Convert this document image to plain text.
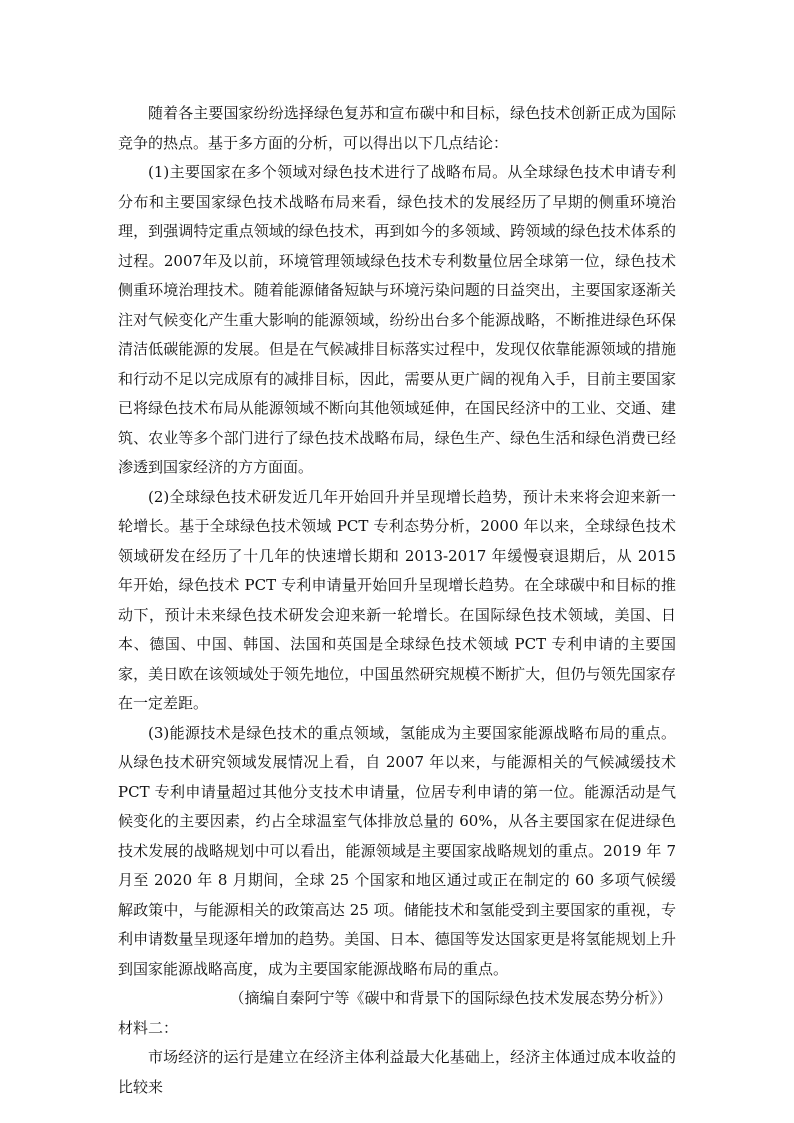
随着各主要国家纷纷选择绿色复苏和宣布碳中和目标，绿色技术创新正成为国际竞争的热点。基于多方面的分析，可以得出以下几点结论：

(1)主要国家在多个领域对绿色技术进行了战略布局。从全球绿色技术申请专利分布和主要国家绿色技术战略布局来看，绿色技术的发展经历了早期的侧重环境治理，到强调特定重点领域的绿色技术，再到如今的多领域、跨领域的绿色技术体系的过程。2007年及以前，环境管理领域绿色技术专利数量位居全球第一位，绿色技术侧重环境治理技术。随着能源储备短缺与环境污染问题的日益突出，主要国家逐渐关注对气候变化产生重大影响的能源领域，纷纷出台多个能源战略，不断推进绿色环保清洁低碳能源的发展。但是在气候减排目标落实过程中，发现仅依靠能源领域的措施和行动不足以完成原有的减排目标，因此，需要从更广阔的视角入手，目前主要国家已将绿色技术布局从能源领域不断向其他领域延伸，在国民经济中的工业、交通、建筑、农业等多个部门进行了绿色技术战略布局，绿色生产、绿色生活和绿色消费已经渗透到国家经济的方方面面。

(2)全球绿色技术研发近几年开始回升并呈现增长趋势，预计未来将会迎来新一轮增长。基于全球绿色技术领域 PCT 专利态势分析，2000 年以来，全球绿色技术领域研发在经历了十几年的快速增长期和 2013-2017 年缓慢衰退期后，从 2015 年开始，绿色技术 PCT 专利申请量开始回升呈现增长趋势。在全球碳中和目标的推动下，预计未来绿色技术研发会迎来新一轮增长。在国际绿色技术领域，美国、日本、德国、中国、韩国、法国和英国是全球绿色技术领域 PCT 专利申请的主要国家，美日欧在该领域处于领先地位，中国虽然研究规模不断扩大，但仍与领先国家存在一定差距。

(3)能源技术是绿色技术的重点领域，氢能成为主要国家能源战略布局的重点。从绿色技术研究领域发展情况上看，自 2007 年以来，与能源相关的气候减缓技术 PCT 专利申请量超过其他分支技术申请量，位居专利申请的第一位。能源活动是气候变化的主要因素，约占全球温室气体排放总量的 60%，从各主要国家在促进绿色技术发展的战略规划中可以看出，能源领域是主要国家战略规划的重点。2019 年 7 月至 2020 年 8 月期间，全球 25 个国家和地区通过或正在制定的 60 多项气候缓解政策中，与能源相关的政策高达 25 项。储能技术和氢能受到主要国家的重视，专利申请数量呈现逐年增加的趋势。美国、日本、德国等发达国家更是将氢能规划上升到国家能源战略高度，成为主要国家能源战略布局的重点。

（摘编自秦阿宁等《碳中和背景下的国际绿色技术发展态势分析》）

材料二：

市场经济的运行是建立在经济主体利益最大化基础上，经济主体通过成本收益的比较来
